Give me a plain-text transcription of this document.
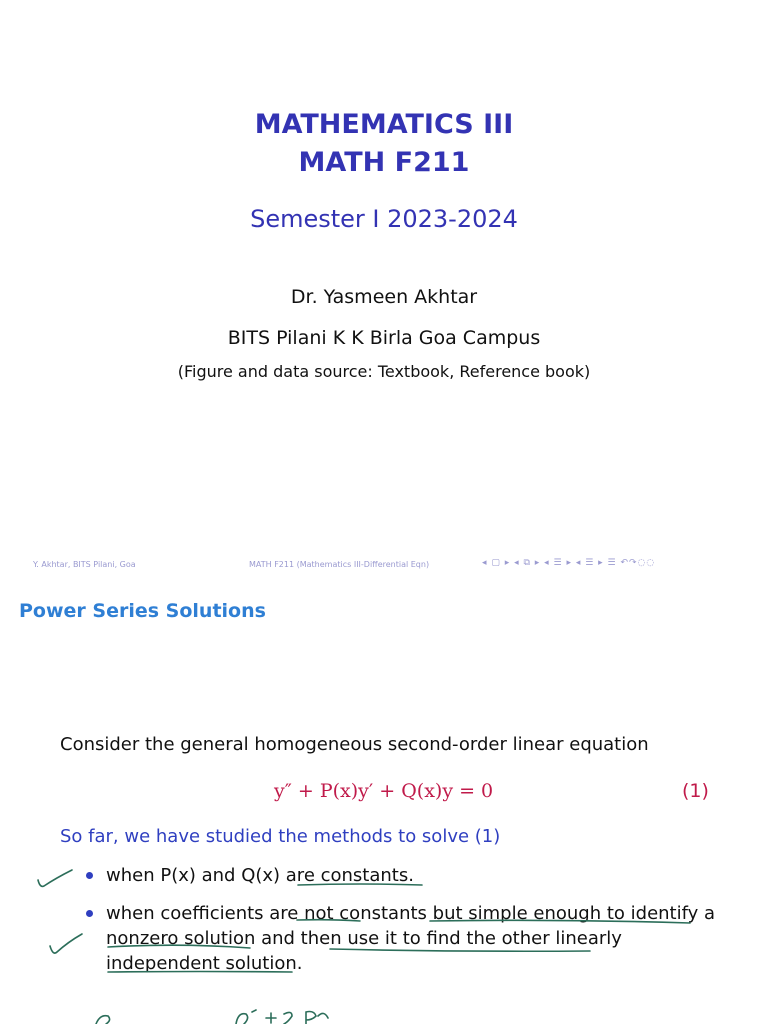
MATHEMATICS III
MATH F211
Semester I 2023-2024
Dr. Yasmeen Akhtar
BITS Pilani K K Birla Goa Campus
(Figure and data source: Textbook, Reference book)
Y. Akhtar, BITS Pilani, Goa	MATH F211 (Mathematics III-Differential Eqn)	◂ ▢ ▸ ◂ ⧉ ▸ ◂ ☰ ▸ ◂ ☰ ▸ ☰ ↶↷◌◌
Power Series Solutions
Consider the general homogeneous second-order linear equation
y″ + P(x)y′ + Q(x)y = 0	(1)
So far, we have studied the methods to solve (1)
when P(x) and Q(x) are constants.
when coefficients are not constants but simple enough to identify a
nonzero solution and then use it to find the other linearly
independent solution.
